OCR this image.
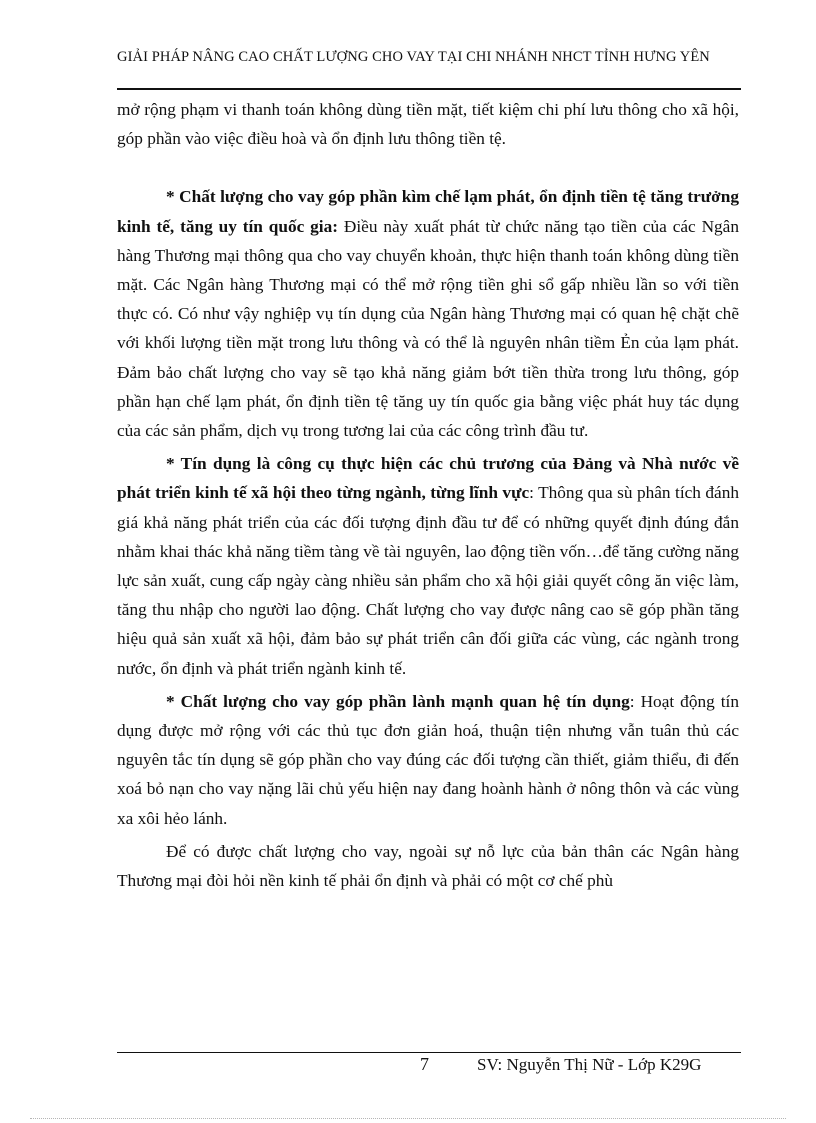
GIẢI PHÁP NÂNG CAO CHẤT LƯỢNG CHO VAY TẠI CHI NHÁNH NHCT TỈNH HƯNG YÊN

mở rộng phạm vi thanh toán không dùng tiền mặt, tiết kiệm chi phí lưu thông cho xã hội, góp phần vào việc điều hoà và ổn định lưu thông tiền tệ.

* Chất lượng cho vay góp phần kìm chế lạm phát, ổn định tiền tệ tăng trưởng kinh tế, tăng uy tín quốc gia: Điều này xuất phát từ chức năng tạo tiền của các Ngân hàng Thương mại thông qua cho vay chuyển khoản, thực hiện thanh toán không dùng tiền mặt. Các Ngân hàng Thương mại có thể mở rộng tiền ghi sổ gấp nhiều lần so với tiền thực có. Có như vậy nghiệp vụ tín dụng của Ngân hàng Thương mại có quan hệ chặt chẽ với khối lượng tiền mặt trong lưu thông và có thể là nguyên nhân tiềm Ẻn của lạm phát. Đảm bảo chất lượng cho vay sẽ tạo khả năng giảm bớt tiền thừa trong lưu thông, góp phần hạn chế lạm phát, ổn định tiền tệ tăng uy tín quốc gia bằng việc phát huy tác dụng của các sản phẩm, dịch vụ trong tương lai của các công trình đầu tư.

* Tín dụng là công cụ thực hiện các chủ trương của Đảng và Nhà nước về phát triển kinh tế xã hội theo từng ngành, từng lĩnh vực: Thông qua sù phân tích đánh giá khả năng phát triển của các đối tượng định đầu tư để có những quyết định đúng đắn nhằm khai thác khả năng tiềm tàng về tài nguyên, lao động tiền vốn…để tăng cường năng lực sản xuất, cung cấp ngày càng nhiều sản phẩm cho xã hội giải quyết công ăn việc làm, tăng thu nhập cho người lao động. Chất lượng cho vay được nâng cao sẽ góp phần tăng hiệu quả sản xuất xã hội, đảm bảo sự phát triển cân đối giữa các vùng, các ngành trong nước, ổn định và phát triển ngành kinh tế.

* Chất lượng cho vay góp phần lành mạnh quan hệ tín dụng: Hoạt động tín dụng được mở rộng với các thủ tục đơn giản hoá, thuận tiện nhưng vẫn tuân thủ các nguyên tắc tín dụng sẽ góp phần cho vay đúng các đối tượng cần thiết, giảm thiểu, đi đến xoá bỏ nạn cho vay nặng lãi chủ yếu hiện nay đang hoành hành ở nông thôn và các vùng xa xôi hẻo lánh.

Để có được chất lượng cho vay, ngoài sự nỗ lực của bản thân các Ngân hàng Thương mại đòi hỏi nền kinh tế phải ổn định và phải có một cơ chế phù

7	SV: Nguyễn Thị Nữ - Lớp K29G
